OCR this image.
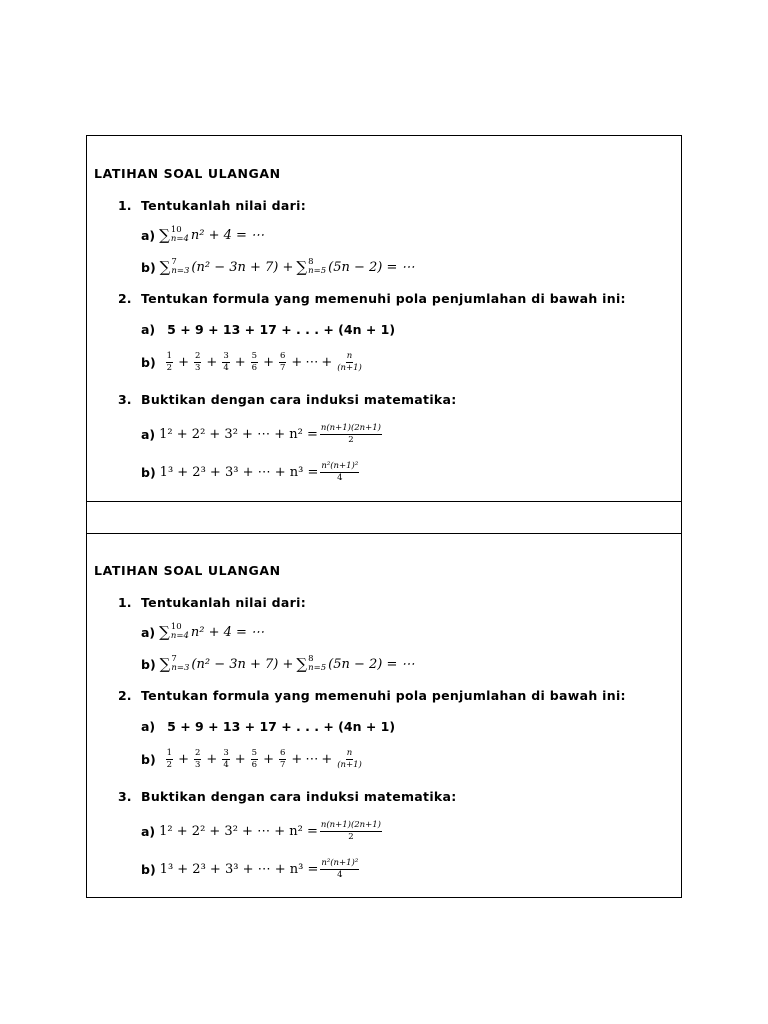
LATIHAN SOAL ULANGAN
1. Tentukanlah nilai dari:
a) ∑ 10
n=4 n² + 4 = ⋯
b) ∑ 7
n=3 (n² − 3n + 7) + ∑ 8
n=5 (5n − 2) = ⋯
2. Tentukan formula yang memenuhi pola penjumlahan di bawah ini:
a) 5 + 9 + 13 + 17 + . . . + (4n + 1)
$b) \frac{1}{2} + \frac{2}{3} + \frac{3}{4} + \frac{5}{6} + \frac{6}{7}$ + ⋯ + $\frac{n}{(n+1)}$
3. Buktikan dengan cara induksi matematika:
a) 1² + 2² + 3² + ⋯ + $n^2 = \frac{n(n+1)(2n+1)}{2}$
b) 1³ + 2³ + 3³ + ⋯ + $n^3 = \frac{\text{n²(n+1)²}}{4}$
LATIHAN SOAL ULANGAN
1. Tentukanlah nilai dari:
a) ∑ 10
n=4 n² + 4 = ⋯
b) ∑ 7
n=3 (n² − 3n + 7) + ∑ 8
n=5 (5n − 2) = ⋯
2. Tentukan formula yang memenuhi pola penjumlahan di bawah ini:
a) 5 + 9 + 13 + 17 + . . . + (4n + 1)
$b) \frac{1}{2} + \frac{2}{3} + \frac{3}{4} + \frac{5}{6} + \frac{6}{7}$ + ⋯ + $\frac{n}{(n+1)}$
3. Buktikan dengan cara induksi matematika:
a) 1² + 2² + 3² + ⋯ + $n^2 = \frac{n(n+1)(2n+1)}{2}$
b) 1³ + 2³ + 3³ + ⋯ + $n^3 = \frac{\text{n²(n+1)²}}{4}$
